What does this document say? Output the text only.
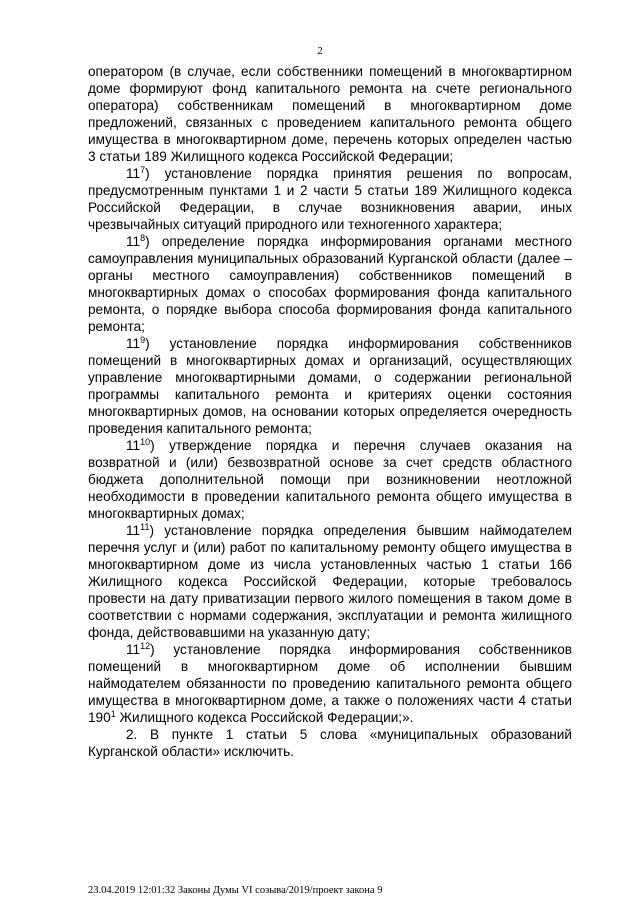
2

оператором (в случае, если собственники помещений в многоквартирном доме формируют фонд капитального ремонта на счете регионального оператора) собственникам помещений в многоквартирном доме предложений, связанных с проведением капитального ремонта общего имущества в многоквартирном доме, перечень которых определен частью 3 статьи 189 Жилищного кодекса Российской Федерации;

$11^7$) установление порядка принятия решения по вопросам, предусмотренным пунктами 1 и 2 части 5 статьи 189 Жилищного кодекса Российской Федерации, в случае возникновения аварии, иных чрезвычайных ситуаций природного или техногенного характера;

$11^8$) определение порядка информирования органами местного самоуправления муниципальных образований Курганской области (далее – органы местного самоуправления) собственников помещений в многоквартирных домах о способах формирования фонда капитального ремонта, о порядке выбора способа формирования фонда капитального ремонта;

$11^9$) установление порядка информирования собственников помещений в многоквартирных домах и организаций, осуществляющих управление многоквартирными домами, о содержании региональной программы капитального ремонта и критериях оценки состояния многоквартирных домов, на основании которых определяется очередность проведения капитального ремонта;

$11^{10}$) утверждение порядка и перечня случаев оказания на возвратной и (или) безвозвратной основе за счет средств областного бюджета дополнительной помощи при возникновении неотложной необходимости в проведении капитального ремонта общего имущества в многоквартирных домах;

$11^{11}$) установление порядка определения бывшим наймодателем перечня услуг и (или) работ по капитальному ремонту общего имущества в многоквартирном доме из числа установленных частью 1 статьи 166 Жилищного кодекса Российской Федерации, которые требовалось провести на дату приватизации первого жилого помещения в таком доме в соответствии с нормами содержания, эксплуатации и ремонта жилищного фонда, действовавшими на указанную дату;

$11^{12}$) установление порядка информирования собственников помещений в многоквартирном доме об исполнении бывшим наймодателем обязанности по проведению капитального ремонта общего имущества в многоквартирном доме, а также о положениях части 4 статьи $190^1$ Жилищного кодекса Российской Федерации;».

2. В пункте 1 статьи 5 слова «муниципальных образований Курганской области» исключить.

23.04.2019 12:01:32 Законы Думы VI созыва/2019/проект закона 9
